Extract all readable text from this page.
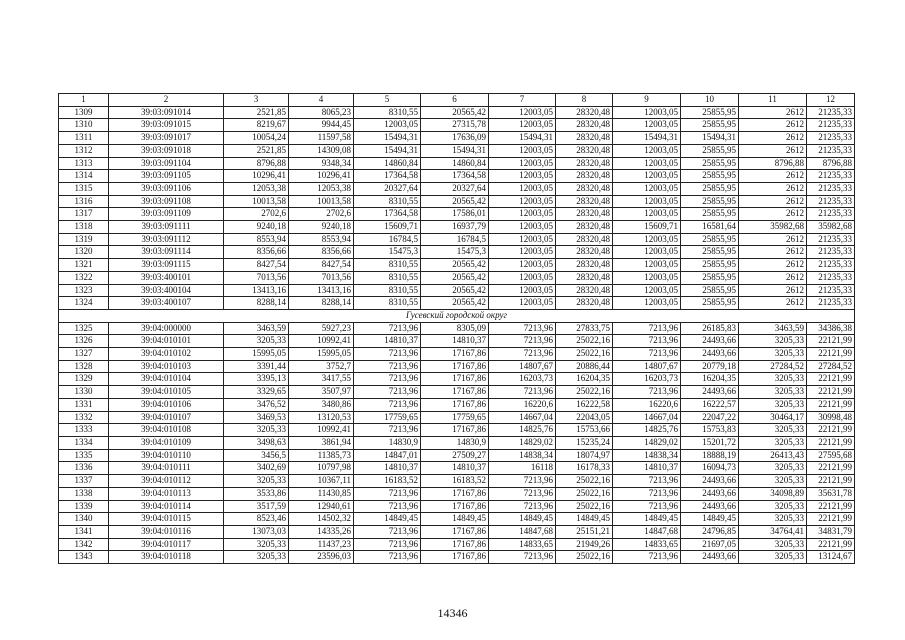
1	2	3	4	5	6	7	8	9	10	11	12
1309	39:03:091014	2521,85	8065,23	8310,55	20565,42	12003,05	28320,48	12003,05	25855,95	2612	21235,33
1310	39:03:091015	8219,67	9944,45	12003,05	27315,78	12003,05	28320,48	12003,05	25855,95	2612	21235,33
1311	39:03:091017	10054,24	11597,58	15494,31	17636,09	15494,31	28320,48	15494,31	15494,31	2612	21235,33
1312	39:03:091018	2521,85	14309,08	15494,31	15494,31	12003,05	28320,48	12003,05	25855,95	2612	21235,33
1313	39:03:091104	8796,88	9348,34	14860,84	14860,84	12003,05	28320,48	12003,05	25855,95	8796,88	8796,88
1314	39:03:091105	10296,41	10296,41	17364,58	17364,58	12003,05	28320,48	12003,05	25855,95	2612	21235,33
1315	39:03:091106	12053,38	12053,38	20327,64	20327,64	12003,05	28320,48	12003,05	25855,95	2612	21235,33
1316	39:03:091108	10013,58	10013,58	8310,55	20565,42	12003,05	28320,48	12003,05	25855,95	2612	21235,33
1317	39:03:091109	2702,6	2702,6	17364,58	17586,01	12003,05	28320,48	12003,05	25855,95	2612	21235,33
1318	39:03:091111	9240,18	9240,18	15609,71	16937,79	12003,05	28320,48	15609,71	16581,64	35982,68	35982,68
1319	39:03:091112	8553,94	8553,94	16784,5	16784,5	12003,05	28320,48	12003,05	25855,95	2612	21235,33
1320	39:03:091114	8356,66	8356,66	15475,3	15475,3	12003,05	28320,48	12003,05	25855,95	2612	21235,33
1321	39:03:091115	8427,54	8427,54	8310,55	20565,42	12003,05	28320,48	12003,05	25855,95	2612	21235,33
1322	39:03:400101	7013,56	7013,56	8310,55	20565,42	12003,05	28320,48	12003,05	25855,95	2612	21235,33
1323	39:03:400104	13413,16	13413,16	8310,55	20565,42	12003,05	28320,48	12003,05	25855,95	2612	21235,33
1324	39:03:400107	8288,14	8288,14	8310,55	20565,42	12003,05	28320,48	12003,05	25855,95	2612	21235,33
Гусевский городской округ											
1325	39:04:000000	3463,59	5927,23	7213,96	8305,09	7213,96	27833,75	7213,96	26185,83	3463,59	34386,38
1326	39:04:010101	3205,33	10992,41	14810,37	14810,37	7213,96	25022,16	7213,96	24493,66	3205,33	22121,99
1327	39:04:010102	15995,05	15995,05	7213,96	17167,86	7213,96	25022,16	7213,96	24493,66	3205,33	22121,99
1328	39:04:010103	3391,44	3752,7	7213,96	17167,86	14807,67	20886,44	14807,67	20779,18	27284,52	27284,52
1329	39:04:010104	3395,13	3417,55	7213,96	17167,86	16203,73	16204,35	16203,73	16204,35	3205,33	22121,99
1330	39:04:010105	3329,65	3507,97	7213,96	17167,86	7213,96	25022,16	7213,96	24493,66	3205,33	22121,99
1331	39:04:010106	3476,52	3480,86	7213,96	17167,86	16220,6	16222,58	16220,6	16222,57	3205,33	22121,99
1332	39:04:010107	3469,53	13120,53	17759,65	17759,65	14667,04	22043,05	14667,04	22047,22	30464,17	30998,48
1333	39:04:010108	3205,33	10992,41	7213,96	17167,86	14825,76	15753,66	14825,76	15753,83	3205,33	22121,99
1334	39:04:010109	3498,63	3861,94	14830,9	14830,9	14829,02	15235,24	14829,02	15201,72	3205,33	22121,99
1335	39:04:010110	3456,5	11385,73	14847,01	27509,27	14838,34	18074,97	14838,34	18888,19	26413,43	27595,68
1336	39:04:010111	3402,69	10797,98	14810,37	14810,37	16118	16178,33	14810,37	16094,73	3205,33	22121,99
1337	39:04:010112	3205,33	10367,11	16183,52	16183,52	7213,96	25022,16	7213,96	24493,66	3205,33	22121,99
1338	39:04:010113	3533,86	11430,85	7213,96	17167,86	7213,96	25022,16	7213,96	24493,66	34098,89	35631,78
1339	39:04:010114	3517,59	12940,61	7213,96	17167,86	7213,96	25022,16	7213,96	24493,66	3205,33	22121,99
1340	39:04:010115	8523,46	14502,32	14849,45	14849,45	14849,45	14849,45	14849,45	14849,45	3205,33	22121,99
1341	39:04:010116	13073,03	14335,26	7213,96	17167,86	14847,68	25151,21	14847,68	24796,85	34764,41	34831,79
1342	39:04:010117	3205,33	11437,23	7213,96	17167,86	14833,65	21949,26	14833,65	21697,05	3205,33	22121,99
1343	39:04:010118	3205,33	23596,03	7213,96	17167,86	7213,96	25022,16	7213,96	24493,66	3205,33	13124,67
14346
